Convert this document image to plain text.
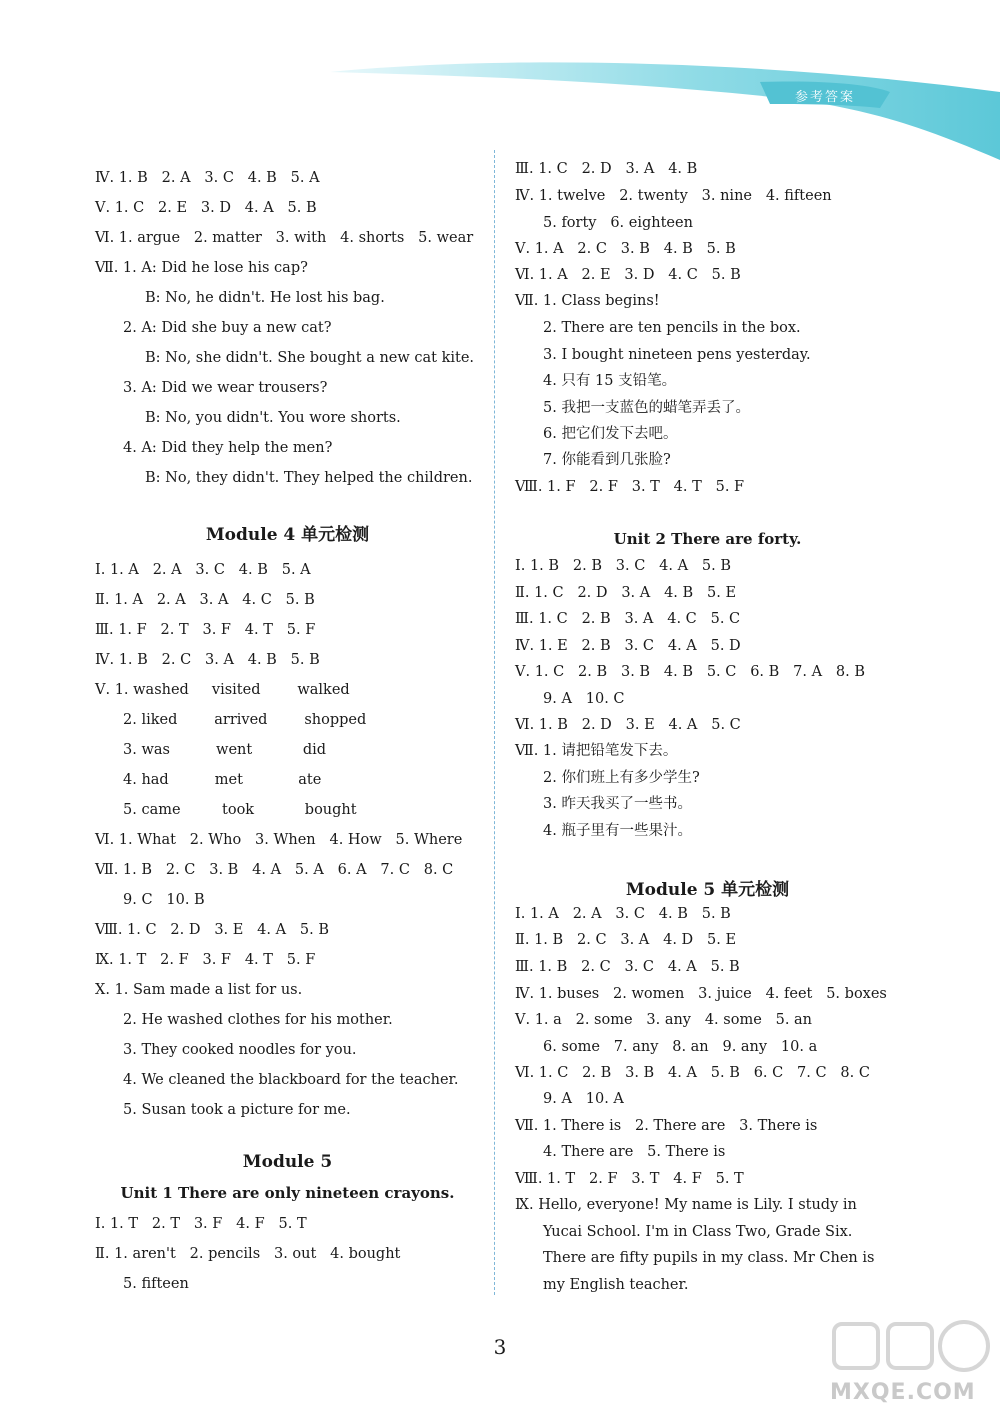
参考答案
Ⅳ. 1. B   2. A   3. C   4. B   5. A
Ⅴ. 1. C   2. E   3. D   4. A   5. B
Ⅵ. 1. argue   2. matter   3. with   4. shorts   5. wear
Ⅶ. 1. A: Did he lose his cap?
B: No, he didn't. He lost his bag.
2. A: Did she buy a new cat?
B: No, she didn't. She bought a new cat kite.
3. A: Did we wear trousers?
B: No, you didn't. You wore shorts.
4. A: Did they help the men?
B: No, they didn't. They helped the children.
Module 4 单元检测
Ⅰ. 1. A   2. A   3. C   4. B   5. A
Ⅱ. 1. A   2. A   3. A   4. C   5. B
Ⅲ. 1. F   2. T   3. F   4. T   5. F
Ⅳ. 1. B   2. C   3. A   4. B   5. B
Ⅴ. 1. washed     visited        walked
2. liked        arrived        shopped
3. was          went           did
4. had          met            ate
5. came         took           bought
Ⅵ. 1. What   2. Who   3. When   4. How   5. Where
Ⅶ. 1. B   2. C   3. B   4. A   5. A   6. A   7. C   8. C
9. C   10. B
Ⅷ. 1. C   2. D   3. E   4. A   5. B
Ⅸ. 1. T   2. F   3. F   4. T   5. F
Ⅹ. 1. Sam made a list for us.
2. He washed clothes for his mother.
3. They cooked noodles for you.
4. We cleaned the blackboard for the teacher.
5. Susan took a picture for me.
Module 5
Unit 1 There are only nineteen crayons.
Ⅰ. 1. T   2. T   3. F   4. F   5. T
Ⅱ. 1. aren't   2. pencils   3. out   4. bought
5. fifteen
Ⅲ. 1. C   2. D   3. A   4. B
Ⅳ. 1. twelve   2. twenty   3. nine   4. fifteen
5. forty   6. eighteen
Ⅴ. 1. A   2. C   3. B   4. B   5. B
Ⅵ. 1. A   2. E   3. D   4. C   5. B
Ⅶ. 1. Class begins!
2. There are ten pencils in the box.
3. I bought nineteen pens yesterday.
4. 只有 15 支铅笔。
5. 我把一支蓝色的蜡笔弄丢了。
6. 把它们发下去吧。
7. 你能看到几张脸?
Ⅷ. 1. F   2. F   3. T   4. T   5. F
Unit 2 There are forty.
Ⅰ. 1. B   2. B   3. C   4. A   5. B
Ⅱ. 1. C   2. D   3. A   4. B   5. E
Ⅲ. 1. C   2. B   3. A   4. C   5. C
Ⅳ. 1. E   2. B   3. C   4. A   5. D
Ⅴ. 1. C   2. B   3. B   4. B   5. C   6. B   7. A   8. B
9. A   10. C
Ⅵ. 1. B   2. D   3. E   4. A   5. C
Ⅶ. 1. 请把铅笔发下去。
2. 你们班上有多少学生?
3. 昨天我买了一些书。
4. 瓶子里有一些果汁。
Module 5 单元检测
Ⅰ. 1. A   2. A   3. C   4. B   5. B
Ⅱ. 1. B   2. C   3. A   4. D   5. E
Ⅲ. 1. B   2. C   3. C   4. A   5. B
Ⅳ. 1. buses   2. women   3. juice   4. feet   5. boxes
Ⅴ. 1. a   2. some   3. any   4. some   5. an
6. some   7. any   8. an   9. any   10. a
Ⅵ. 1. C   2. B   3. B   4. A   5. B   6. C   7. C   8. C
9. A   10. A
Ⅶ. 1. There is   2. There are   3. There is
4. There are   5. There is
Ⅷ. 1. T   2. F   3. T   4. F   5. T
Ⅸ. Hello, everyone! My name is Lily. I study in
Yucai School. I'm in Class Two, Grade Six.
There are fifty pupils in my class. Mr Chen is
my English teacher.
3
MXQE.COM
